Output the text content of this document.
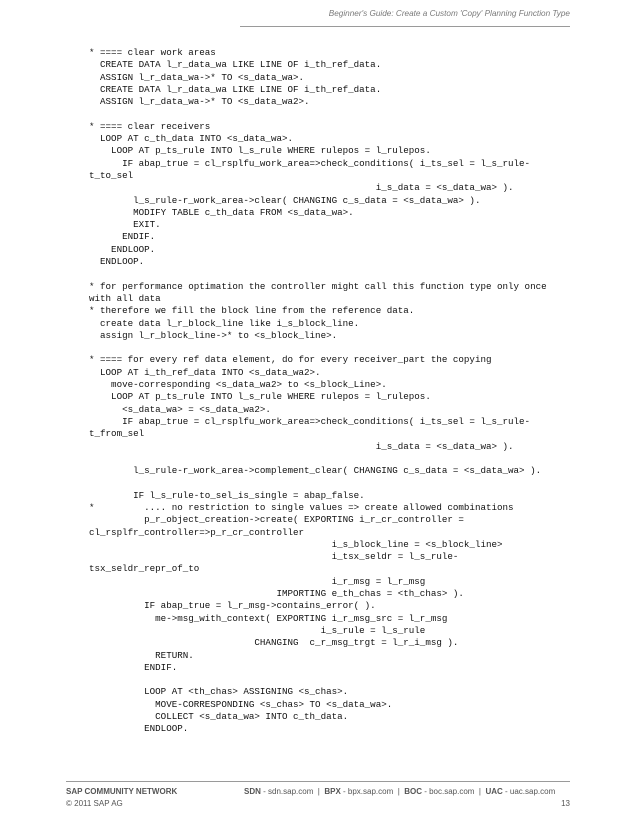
Beginner's Guide: Create a Custom 'Copy' Planning Function Type
* ==== clear work areas
CREATE DATA l_r_data_wa LIKE LINE OF i_th_ref_data.
ASSIGN l_r_data_wa->* TO <s_data_wa>.
CREATE DATA l_r_data_wa LIKE LINE OF i_th_ref_data.
ASSIGN l_r_data_wa->* TO <s_data_wa2>.
* ==== clear receivers
LOOP AT c_th_data INTO <s_data_wa>.
LOOP AT p_ts_rule INTO l_s_rule WHERE rulepos = l_rulepos.
IF abap_true = cl_rsplfu_work_area=>check_conditions( i_ts_sel = l_s_rule-
t_to_sel
i_s_data = <s_data_wa> ).
l_s_rule-r_work_area->clear( CHANGING c_s_data = <s_data_wa> ).
MODIFY TABLE c_th_data FROM <s_data_wa>.
EXIT.
ENDIF.
ENDLOOP.
ENDLOOP.
* for performance optimation the controller might call this function type only once
with all data
* therefore we fill the block line from the reference data.
create data l_r_block_line like i_s_block_line.
assign l_r_block_line->* to <s_block_line>.
* ==== for every ref data element, do for every receiver_part the copying
LOOP AT i_th_ref_data INTO <s_data_wa2>.
move-corresponding <s_data_wa2> to <s_block_Line>.
LOOP AT p_ts_rule INTO l_s_rule WHERE rulepos = l_rulepos.
<s_data_wa> = <s_data_wa2>.
IF abap_true = cl_rsplfu_work_area=>check_conditions( i_ts_sel = l_s_rule-
t_from_sel
i_s_data = <s_data_wa> ).
l_s_rule-r_work_area->complement_clear( CHANGING c_s_data = <s_data_wa> ).
IF l_s_rule-to_sel_is_single = abap_false.
*         .... no restriction to single values => create allowed combinations
p_r_object_creation->create( EXPORTING i_r_cr_controller =
cl_rsplfr_controller=>p_r_cr_controller
i_s_block_line = <s_block_line>
i_tsx_seldr = l_s_rule-
tsx_seldr_repr_of_to
i_r_msg = l_r_msg
IMPORTING e_th_chas = <th_chas> ).
IF abap_true = l_r_msg->contains_error( ).
me->msg_with_context( EXPORTING i_r_msg_src = l_r_msg
i_s_rule = l_s_rule
CHANGING  c_r_msg_trgt = l_r_i_msg ).
RETURN.
ENDIF.
LOOP AT <th_chas> ASSIGNING <s_chas>.
MOVE-CORRESPONDING <s_chas> TO <s_data_wa>.
COLLECT <s_data_wa> INTO c_th_data.
ENDLOOP.
SAP COMMUNITY NETWORK	SDN - sdn.sap.com  |  BPX - bpx.sap.com  |  BOC - boc.sap.com  |  UAC - uac.sap.com
© 2011 SAP AG	13
